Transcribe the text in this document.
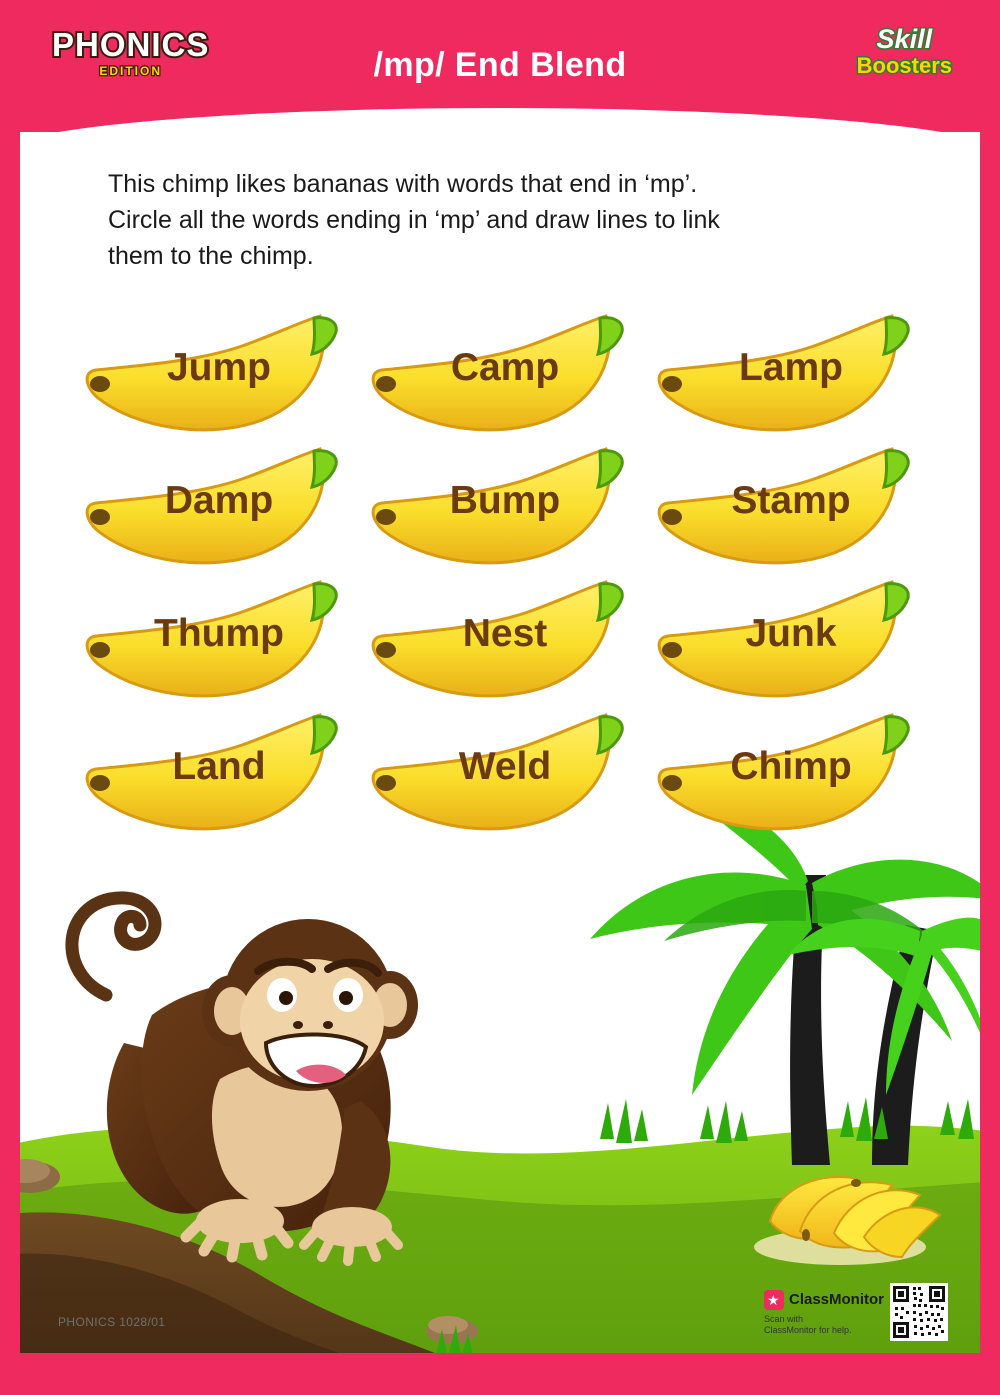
Jump	Camp	Lamp
Damp	Bump	Stamp
Thump	Nest	Junk
Land	Weld	Chimp
This chimp likes bananas with words that end in ‘mp’.
Circle all the words ending in ‘mp’ and draw lines to link
them to the chimp.
PHONICS
EDITION	/mp/ End Blend
Skill
Boosters
PHONICS 1028/01
★
ClassMonitor
Scan with
ClassMonitor for help.
